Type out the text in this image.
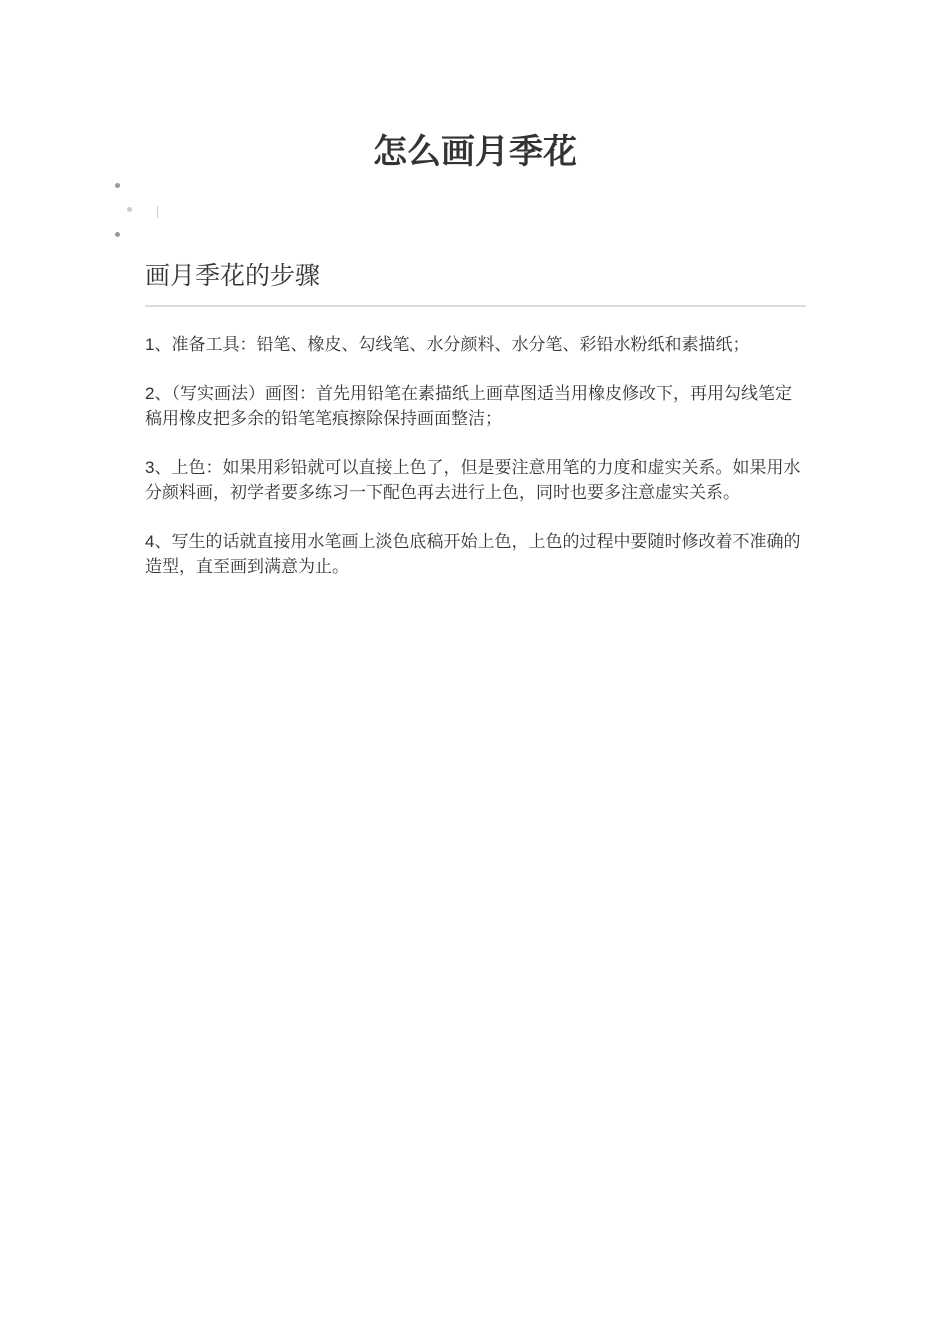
怎么画月季花
画月季花的步骤

1、准备工具：铅笔、橡皮、勾线笔、水分颜料、水分笔、彩铅水粉纸和素描纸；

2、（写实画法）画图：首先用铅笔在素描纸上画草图适当用橡皮修改下，再用勾线笔定稿用橡皮把多余的铅笔笔痕擦除保持画面整洁；

3、上色：如果用彩铅就可以直接上色了，但是要注意用笔的力度和虚实关系。如果用水分颜料画，初学者要多练习一下配色再去进行上色，同时也要多注意虚实关系。

4、写生的话就直接用水笔画上淡色底稿开始上色，上色的过程中要随时修改着不准确的造型，直至画到满意为止。
